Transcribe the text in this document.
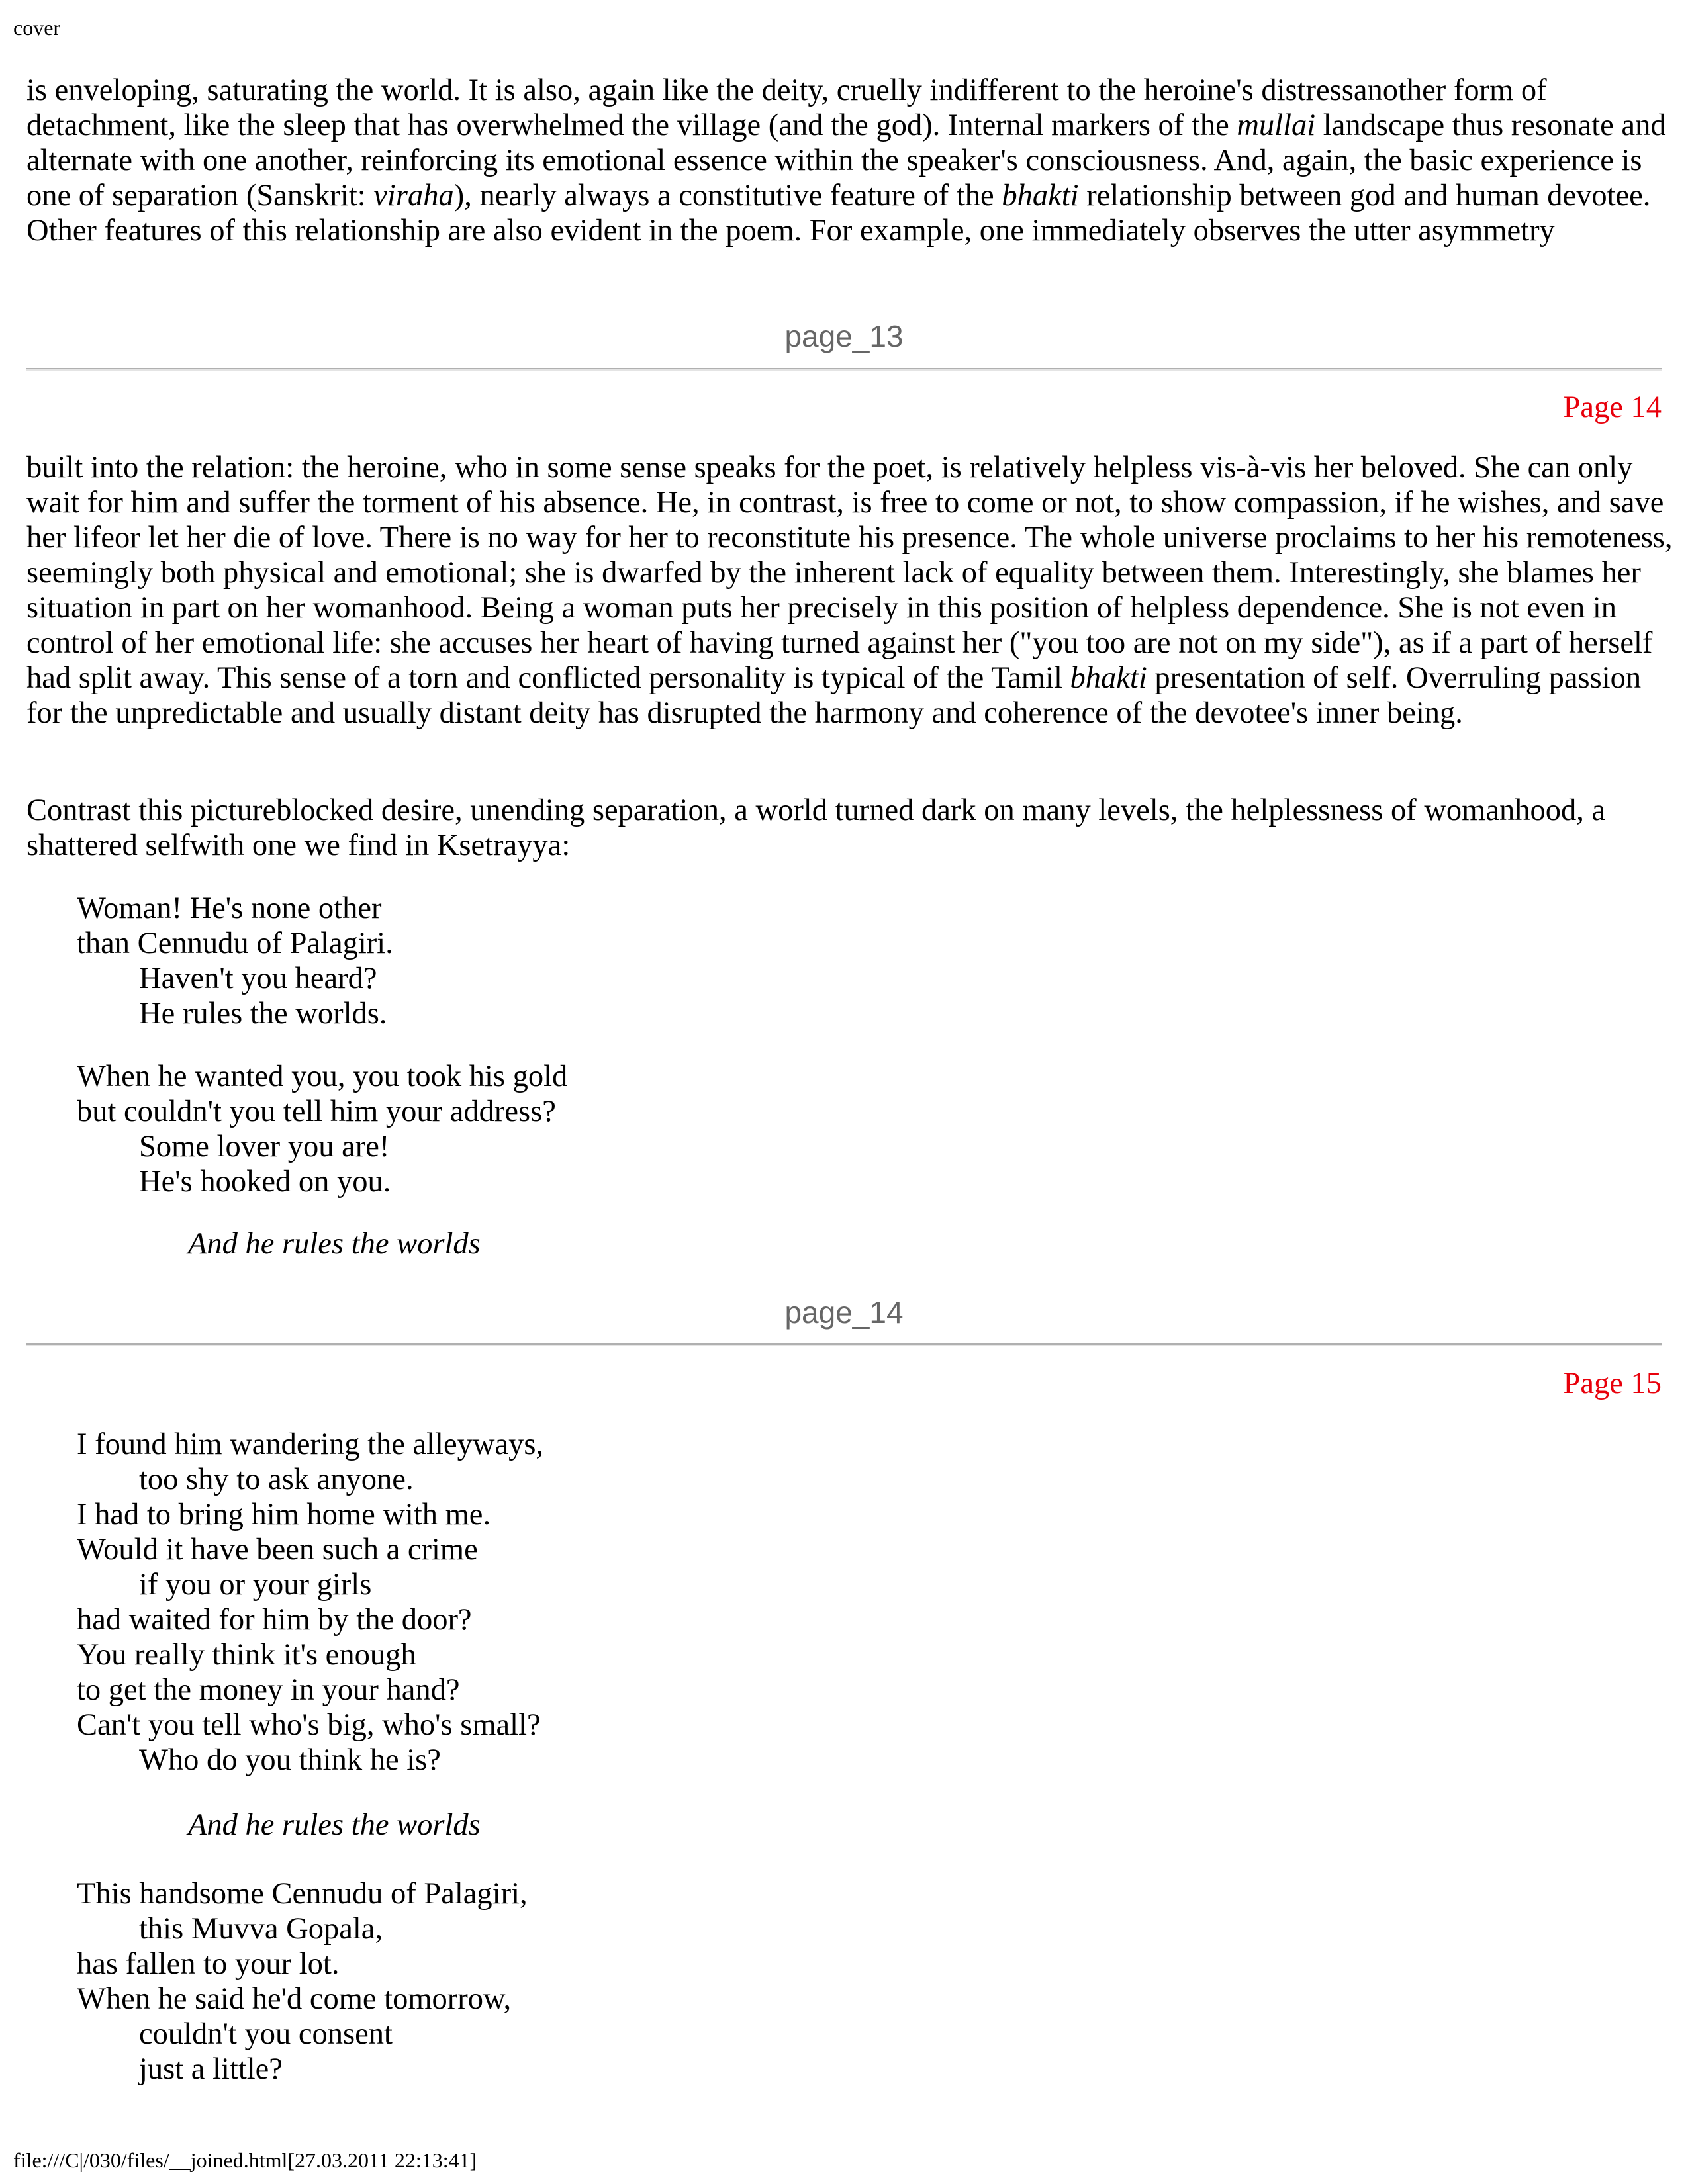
cover

is enveloping, saturating the world. It is also, again like the deity, cruelly indifferent to the heroine's distressanother form of detachment, like the sleep that has overwhelmed the village (and the god). Internal markers of the mullai landscape thus resonate and alternate with one another, reinforcing its emotional essence within the speaker's consciousness. And, again, the basic experience is one of separation (Sanskrit: viraha), nearly always a constitutive feature of the bhakti relationship between god and human devotee. Other features of this relationship are also evident in the poem. For example, one immediately observes the utter asymmetry

page_13
Page 14

built into the relation: the heroine, who in some sense speaks for the poet, is relatively helpless vis-à-vis her beloved. She can only wait for him and suffer the torment of his absence. He, in contrast, is free to come or not, to show compassion, if he wishes, and save her lifeor let her die of love. There is no way for her to reconstitute his presence. The whole universe proclaims to her his remoteness, seemingly both physical and emotional; she is dwarfed by the inherent lack of equality between them. Interestingly, she blames her situation in part on her womanhood. Being a woman puts her precisely in this position of helpless dependence. She is not even in control of her emotional life: she accuses her heart of having turned against her ("you too are not on my side"), as if a part of herself had split away. This sense of a torn and conflicted personality is typical of the Tamil bhakti presentation of self. Overruling passion for the unpredictable and usually distant deity has disrupted the harmony and coherence of the devotee's inner being.

Contrast this pictureblocked desire, unending separation, a world turned dark on many levels, the helplessness of womanhood, a shattered selfwith one we find in Ksetrayya:

Woman! He's none other
than Cennudu of Palagiri.
Haven't you heard?
He rules the worlds.
When he wanted you, you took his gold
but couldn't you tell him your address?
Some lover you are!
He's hooked on you.
And he rules the worlds
page_14
Page 15
I found him wandering the alleyways,
too shy to ask anyone.
I had to bring him home with me.
Would it have been such a crime
if you or your girls
had waited for him by the door?
You really think it's enough
to get the money in your hand?
Can't you tell who's big, who's small?
Who do you think he is?
And he rules the worlds
This handsome Cennudu of Palagiri,
this Muvva Gopala,
has fallen to your lot.
When he said he'd come tomorrow,
couldn't you consent
just a little?
file:///C|/030/files/__joined.html[27.03.2011 22:13:41]
